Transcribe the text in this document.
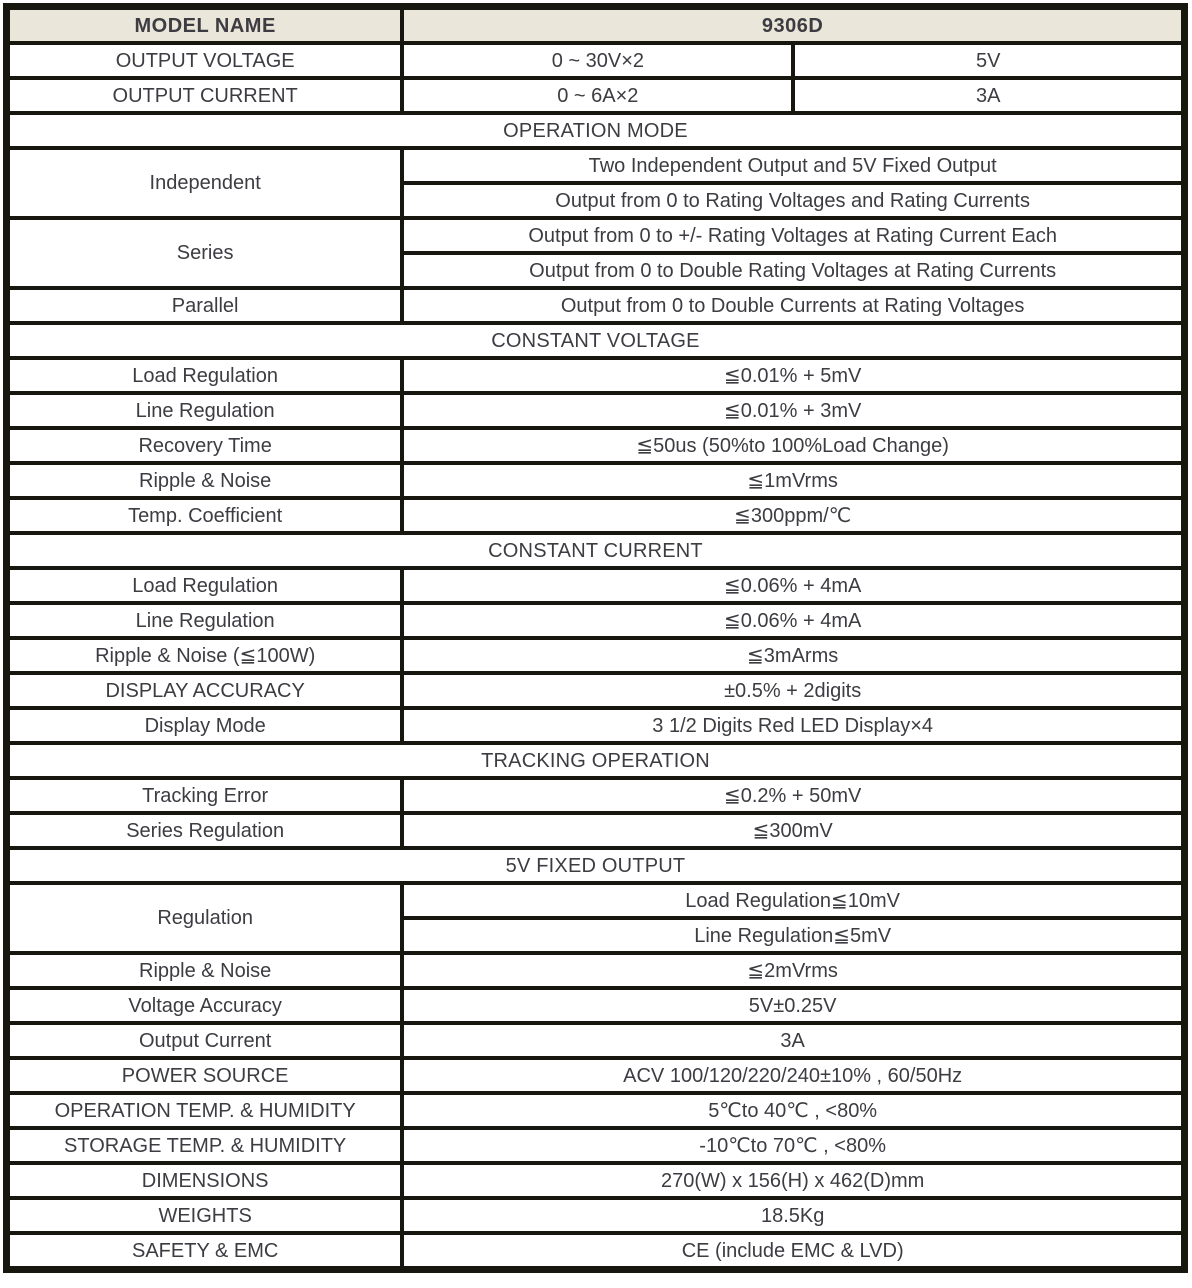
MODEL NAME	9306D	
OUTPUT VOLTAGE	0 ~ 30V×2	5V
OUTPUT CURRENT	0 ~ 6A×2	3A
OPERATION MODE		
Independent	Two Independent Output and 5V Fixed Output	
	Output from 0 to Rating Voltages and Rating Currents	
Series	Output from 0 to +/- Rating Voltages at Rating Current Each	
	Output from 0 to Double Rating Voltages at Rating Currents	
Parallel	Output from 0 to Double Currents at Rating Voltages	
CONSTANT VOLTAGE		
Load Regulation	≦0.01% + 5mV	
Line Regulation	≦0.01% + 3mV	
Recovery Time	≦50us (50%to 100%Load Change)	
Ripple & Noise	≦1mVrms	
Temp. Coefficient	≦300ppm/℃	
CONSTANT CURRENT		
Load Regulation	≦0.06% + 4mA	
Line Regulation	≦0.06% + 4mA	
Ripple & Noise (≦100W)	≦3mArms	
DISPLAY ACCURACY	±0.5% + 2digits	
Display Mode	3 1/2 Digits Red LED Display×4	
TRACKING OPERATION		
Tracking Error	≦0.2% + 50mV	
Series Regulation	≦300mV	
5V FIXED OUTPUT		
Regulation	Load Regulation≦10mV	
	Line Regulation≦5mV	
Ripple & Noise	≦2mVrms	
Voltage Accuracy	5V±0.25V	
Output Current	3A	
POWER SOURCE	ACV 100/120/220/240±10% , 60/50Hz	
OPERATION TEMP. & HUMIDITY	5℃to 40℃ , <80%	
STORAGE TEMP. & HUMIDITY	-10℃to 70℃ , <80%	
DIMENSIONS	270(W) x 156(H) x 462(D)mm	
WEIGHTS	18.5Kg	
SAFETY & EMC	CE (include EMC & LVD)	
